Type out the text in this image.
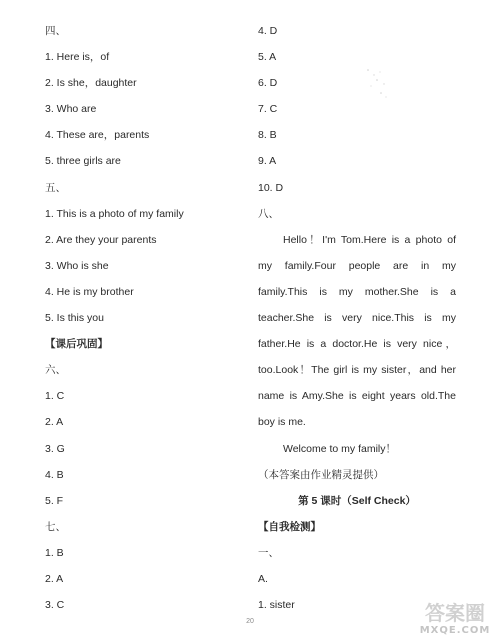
四、
1. Here is，of
2. Is she，daughter
3. Who are
4. These are，parents
5. three girls are
五、
1. This is a photo of my family
2. Are they your parents
3. Who is she
4. He is my brother
5. Is this you
【课后巩固】
六、
1. C
2. A
3. G
4. B
5. F
七、
1. B
2. A
3. C
4. D
5. A
6. D
7. C
8. B
9. A
10. D
八、
Hello！I'm Tom.Here is a photo of
my family.Four people are in my
family.This is my mother.She is a
teacher.She is very nice.This is my
father.He is a doctor.He is very nice，
too.Look！The girl is my sister，and her
name is Amy.She is eight years old.The
boy is me.
Welcome to my family！
（本答案由作业精灵提供）
第 5 课时（Self Check）
【自我检测】
一、
A.
1. sister
20	答案圈
MXQE.COM
